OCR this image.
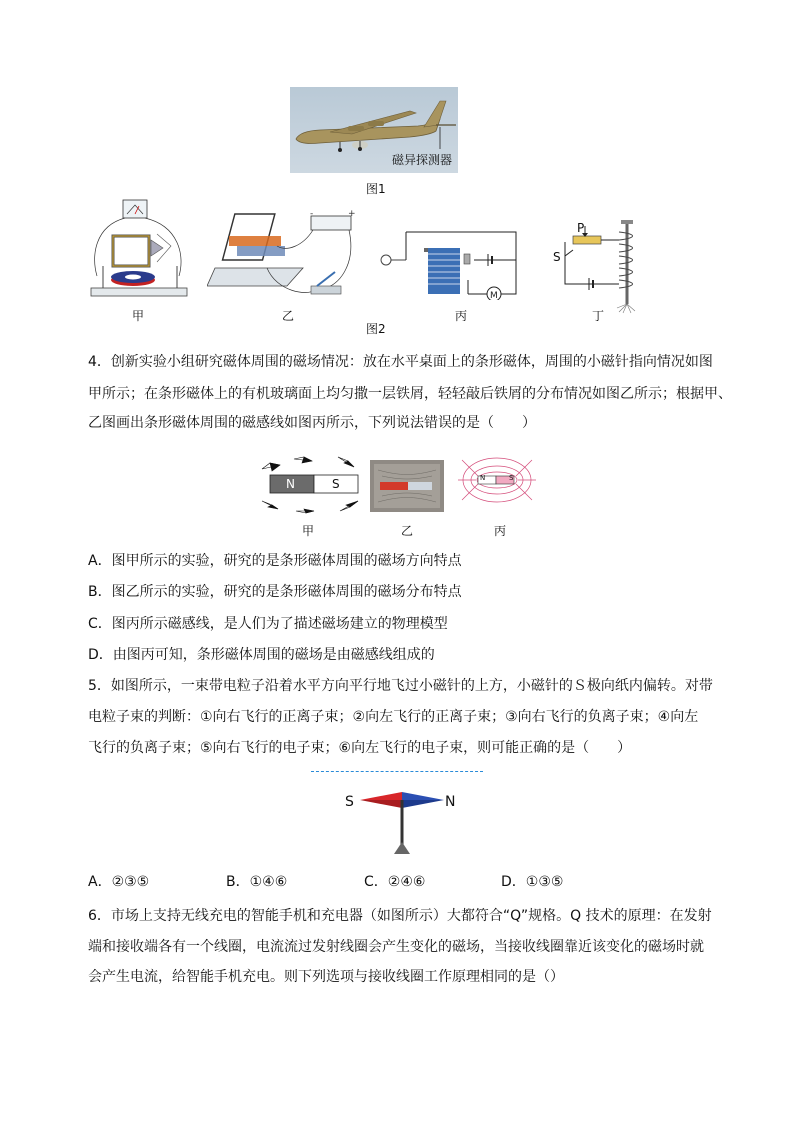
磁异探测器
图1
-	+
M
P
S
甲	乙	丙	丁
图2
4．创新实验小组研究磁体周围的磁场情况：放在水平桌面上的条形磁体，周围的小磁针指向情况如图
甲所示；在条形磁体上的有机玻璃面上均匀撒一层铁屑，轻轻敲后铁屑的分布情况如图乙所示；根据甲、
乙图画出条形磁体周围的磁感线如图丙所示，下列说法错误的是（　　）
N	S	N	S
甲	乙	丙
A．图甲所示的实验，研究的是条形磁体周围的磁场方向特点
B．图乙所示的实验，研究的是条形磁体周围的磁场分布特点
C．图丙所示磁感线，是人们为了描述磁场建立的物理模型
D．由图丙可知，条形磁体周围的磁场是由磁感线组成的
5．如图所示，一束带电粒子沿着水平方向平行地飞过小磁针的上方，小磁针的Ｓ极向纸内偏转。对带
电粒子束的判断：①向右飞行的正离子束；②向左飞行的正离子束；③向右飞行的负离子束；④向左
飞行的负离子束；⑤向右飞行的电子束；⑥向左飞行的电子束，则可能正确的是（　　）
S	N
A．②③⑤	B．①④⑥	C．②④⑥	D．①③⑤
6．市场上支持无线充电的智能手机和充电器（如图所示）大都符合“Q”规格。Q 技术的原理：在发射
端和接收端各有一个线圈，电流流过发射线圈会产生变化的磁场，当接收线圈靠近该变化的磁场时就
会产生电流，给智能手机充电。则下列选项与接收线圈工作原理相同的是（）
